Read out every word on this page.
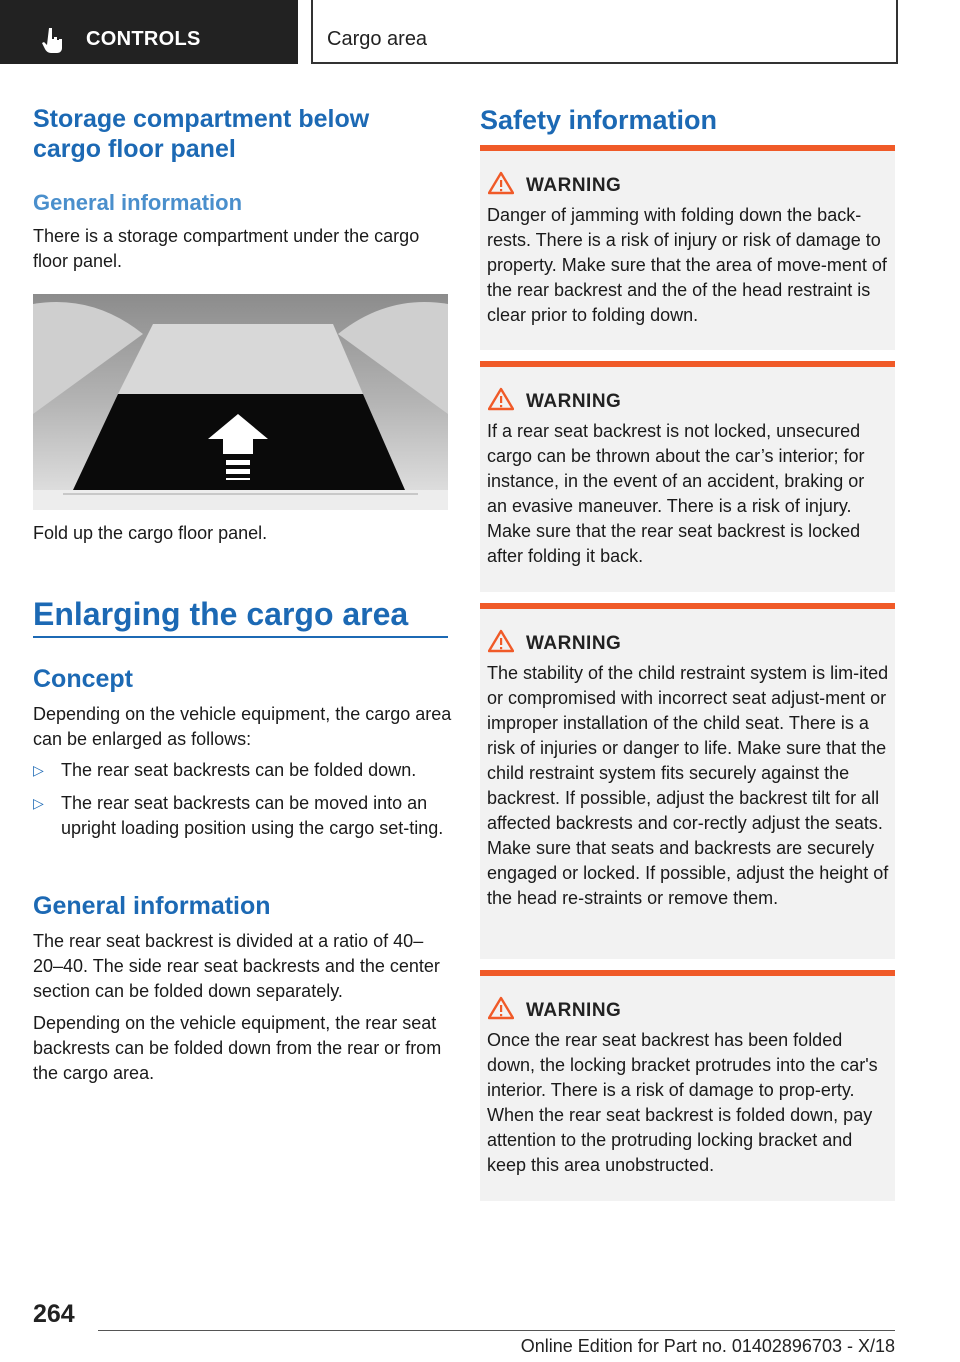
CONTROLS	Cargo area
Storage compartment below cargo floor panel
General information

There is a storage compartment under the cargo floor panel.

Fold up the cargo floor panel.

Enlarging the cargo area
Concept

Depending on the vehicle equipment, the cargo area can be enlarged as follows:

▷ The rear seat backrests can be folded down.
▷ The rear seat backrests can be moved into an upright loading position using the cargo set-ting.
General information

The rear seat backrest is divided at a ratio of 40–20–40. The side rear seat backrests and the center section can be folded down separately.

Depending on the vehicle equipment, the rear seat backrests can be folded down from the rear or from the cargo area.

Safety information
WARNING
Danger of jamming with folding down the back-rests. There is a risk of injury or risk of damage to property. Make sure that the area of move-ment of the rear backrest and the of the head restraint is clear prior to folding down.
WARNING
If a rear seat backrest is not locked, unsecured cargo can be thrown about the car’s interior; for instance, in the event of an accident, braking or an evasive maneuver. There is a risk of injury. Make sure that the rear seat backrest is locked after folding it back.
WARNING
The stability of the child restraint system is lim-ited or compromised with incorrect seat adjust-ment or improper installation of the child seat. There is a risk of injuries or danger to life. Make sure that the child restraint system fits securely against the backrest. If possible, adjust the backrest tilt for all affected backrests and cor-rectly adjust the seats. Make sure that seats and backrests are securely engaged or locked. If possible, adjust the height of the head re-straints or remove them.
WARNING
Once the rear seat backrest has been folded down, the locking bracket protrudes into the car's interior. There is a risk of damage to prop-erty. When the rear seat backrest is folded down, pay attention to the protruding locking bracket and keep this area unobstructed.
264
Online Edition for Part no. 01402896703 - X/18
